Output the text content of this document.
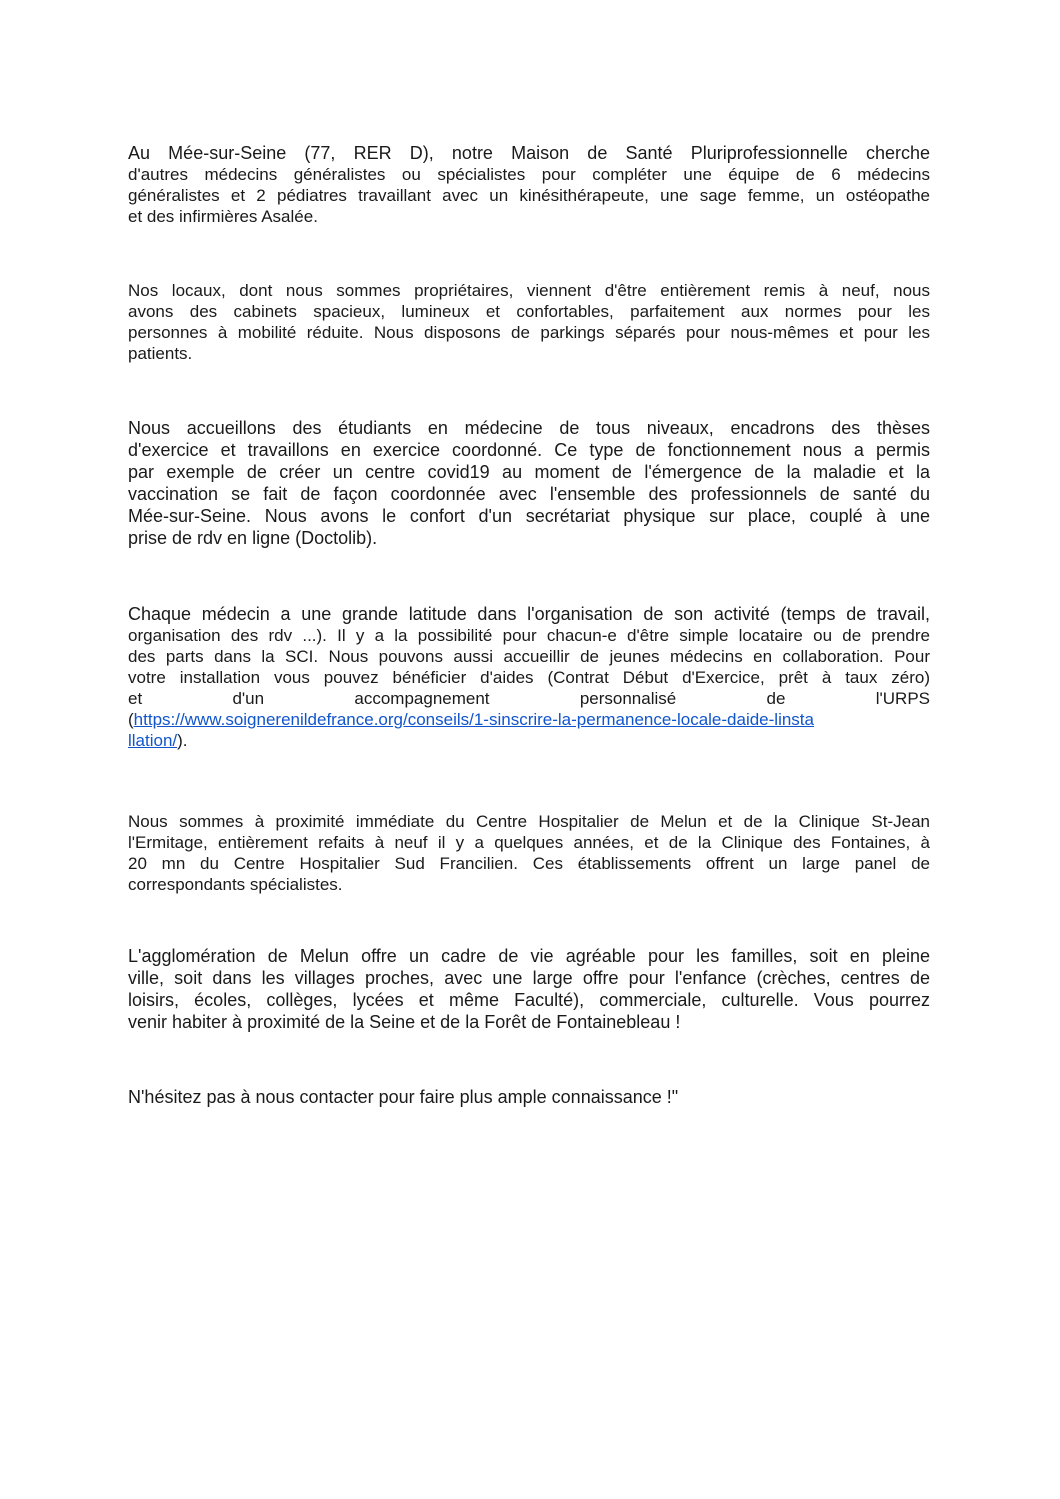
Au Mée-sur-Seine (77, RER D), notre Maison de Santé Pluriprofessionnelle cherche
d'autres médecins généralistes ou spécialistes pour compléter une équipe de 6 médecins
généralistes et 2 pédiatres travaillant avec un kinésithérapeute, une sage femme, un ostéopathe
et des infirmières Asalée.

Nos locaux, dont nous sommes propriétaires, viennent d'être entièrement remis à neuf, nous
avons des cabinets spacieux, lumineux et confortables, parfaitement aux normes pour les
personnes à mobilité réduite. Nous disposons de parkings séparés pour nous-mêmes et pour les
patients.

Nous accueillons des étudiants en médecine de tous niveaux, encadrons des thèses
d'exercice et travaillons en exercice coordonné. Ce type de fonctionnement nous a permis
par exemple de créer un centre covid19 au moment de l'émergence de la maladie et la
vaccination se fait de façon coordonnée avec l'ensemble des professionnels de santé du
Mée-sur-Seine. Nous avons le confort d'un secrétariat physique sur place, couplé à une
prise de rdv en ligne (Doctolib).

Chaque médecin a une grande latitude dans l'organisation de son activité (temps de travail,
organisation des rdv ...). Il y a la possibilité pour chacun-e d'être simple locataire ou de prendre
des parts dans la SCI. Nous pouvons aussi accueillir de jeunes médecins en collaboration. Pour
votre installation vous pouvez bénéficier d'aides (Contrat Début d'Exercice, prêt à taux zéro)
et d'un accompagnement personnalisé de l'URPS
(https://www.soignerenildefrance.org/conseils/1-sinscrire-la-permanence-locale-daide-linsta
llation/).

Nous sommes à proximité immédiate du Centre Hospitalier de Melun et de la Clinique St-Jean
l'Ermitage, entièrement refaits à neuf il y a quelques années, et de la Clinique des Fontaines, à
20 mn du Centre Hospitalier Sud Francilien. Ces établissements offrent un large panel de
correspondants spécialistes.

L'agglomération de Melun offre un cadre de vie agréable pour les familles, soit en pleine
ville, soit dans les villages proches, avec une large offre pour l'enfance (crèches, centres de
loisirs, écoles, collèges, lycées et même Faculté), commerciale, culturelle. Vous pourrez
venir habiter à proximité de la Seine et de la Forêt de Fontainebleau !

N'hésitez pas à nous contacter pour faire plus ample connaissance !"
